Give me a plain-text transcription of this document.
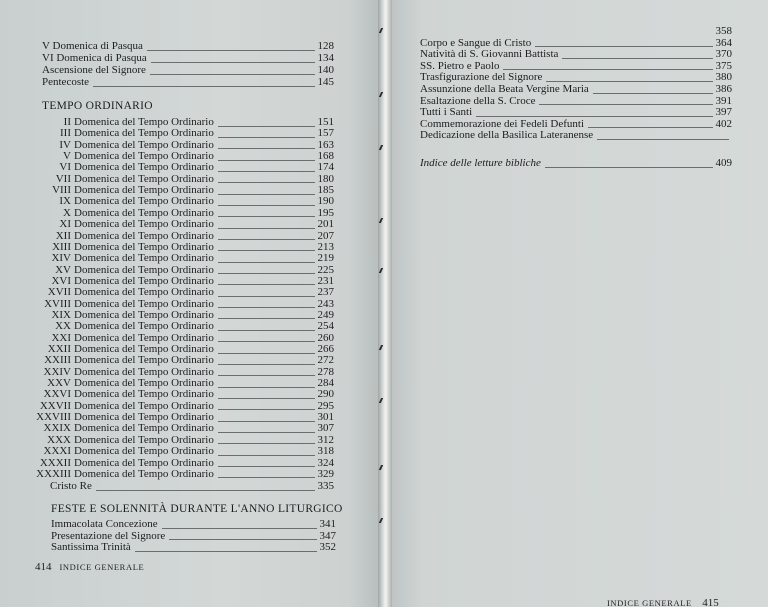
TEMPO ORDINARIO
FESTE E SOLENNITÀ DURANTE L'ANNO LITURGICO
414 INDICE GENERALE
V Domenica di Pasqua	128
VI Domenica di Pasqua	134
Ascensione del Signore	140
Pentecoste	145
II Domenica del Tempo Ordinario	151
III Domenica del Tempo Ordinario	157
IV Domenica del Tempo Ordinario	163
V Domenica del Tempo Ordinario	168
VI Domenica del Tempo Ordinario	174
VII Domenica del Tempo Ordinario	180
VIII Domenica del Tempo Ordinario	185
IX Domenica del Tempo Ordinario	190
X Domenica del Tempo Ordinario	195
XI Domenica del Tempo Ordinario	201
XII Domenica del Tempo Ordinario	207
XIII Domenica del Tempo Ordinario	213
XIV Domenica del Tempo Ordinario	219
XV Domenica del Tempo Ordinario	225
XVI Domenica del Tempo Ordinario	231
XVII Domenica del Tempo Ordinario	237
XVIII Domenica del Tempo Ordinario	243
XIX Domenica del Tempo Ordinario	249
XX Domenica del Tempo Ordinario	254
XXI Domenica del Tempo Ordinario	260
XXII Domenica del Tempo Ordinario	266
XXIII Domenica del Tempo Ordinario	272
XXIV Domenica del Tempo Ordinario	278
XXV Domenica del Tempo Ordinario	284
XXVI Domenica del Tempo Ordinario	290
XXVII Domenica del Tempo Ordinario	295
XXVIII Domenica del Tempo Ordinario	301
XXIX Domenica del Tempo Ordinario	307
XXX Domenica del Tempo Ordinario	312
XXXI Domenica del Tempo Ordinario	318
XXXII Domenica del Tempo Ordinario	324
XXXIII Domenica del Tempo Ordinario	329
Cristo Re	335
Immacolata Concezione	341
Presentazione del Signore	347
Santissima Trinità	352
INDICE GENERALE 415
358
Corpo e Sangue di Cristo	364
Natività di S. Giovanni Battista	370
SS. Pietro e Paolo	375
Trasfigurazione del Signore	380
Assunzione della Beata Vergine Maria	386
Esaltazione della S. Croce	391
Tutti i Santi	397
Commemorazione dei Fedeli Defunti	402
Dedicazione della Basilica Lateranense
Indice delle letture bibliche	409
